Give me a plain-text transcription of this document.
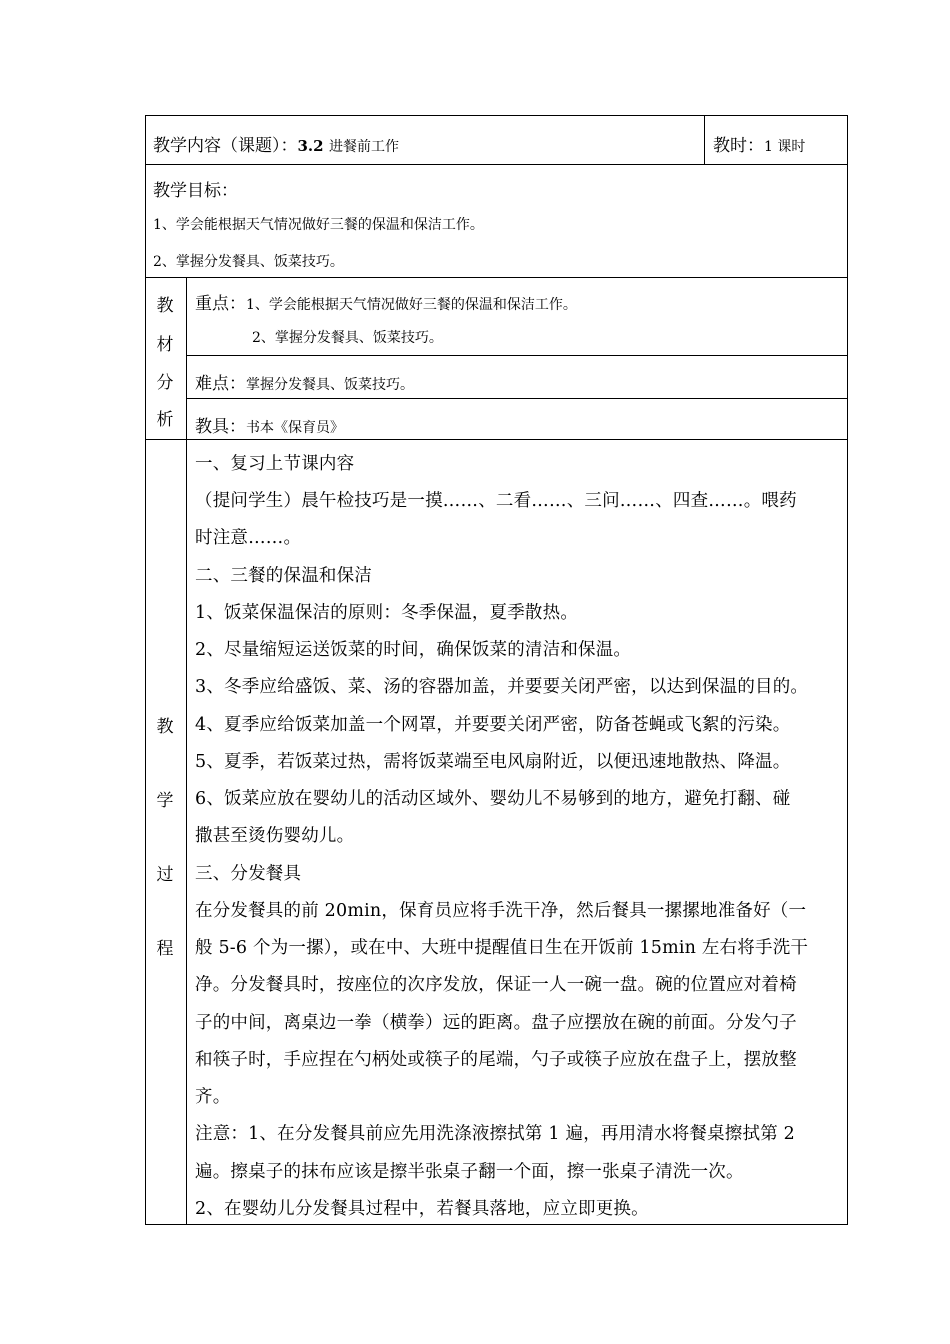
教学内容（课题）：3.2 进餐前工作	教时：1 课时
教学目标：
1、学会能根据天气情况做好三餐的保温和保洁工作。
2、掌握分发餐具、饭菜技巧。
教
材
分
析
重点：1、学会能根据天气情况做好三餐的保温和保洁工作。
2、掌握分发餐具、饭菜技巧。
难点：掌握分发餐具、饭菜技巧。
教具：书本《保育员》
教
学
过
程
一、复习上节课内容
（提问学生）晨午检技巧是一摸……、二看……、三问……、四查……。喂药
时注意……。
二、三餐的保温和保洁
1、饭菜保温保洁的原则：冬季保温，夏季散热。
2、尽量缩短运送饭菜的时间，确保饭菜的清洁和保温。
3、冬季应给盛饭、菜、汤的容器加盖，并要要关闭严密，以达到保温的目的。
4、夏季应给饭菜加盖一个网罩，并要要关闭严密，防备苍蝇或飞絮的污染。
5、夏季，若饭菜过热，需将饭菜端至电风扇附近，以便迅速地散热、降温。
6、饭菜应放在婴幼儿的活动区域外、婴幼儿不易够到的地方，避免打翻、碰
撒甚至烫伤婴幼儿。
三、分发餐具
在分发餐具的前 20min，保育员应将手洗干净，然后餐具一摞摞地准备好（一
般 5-6 个为一摞），或在中、大班中提醒值日生在开饭前 15min 左右将手洗干
净。分发餐具时，按座位的次序发放，保证一人一碗一盘。碗的位置应对着椅
子的中间，离桌边一拳（横拳）远的距离。盘子应摆放在碗的前面。分发勺子
和筷子时，手应捏在勺柄处或筷子的尾端，勺子或筷子应放在盘子上，摆放整
齐。
注意：1、在分发餐具前应先用洗涤液擦拭第 1 遍，再用清水将餐桌擦拭第 2
遍。擦桌子的抹布应该是擦半张桌子翻一个面，擦一张桌子清洗一次。
2、在婴幼儿分发餐具过程中，若餐具落地，应立即更换。
